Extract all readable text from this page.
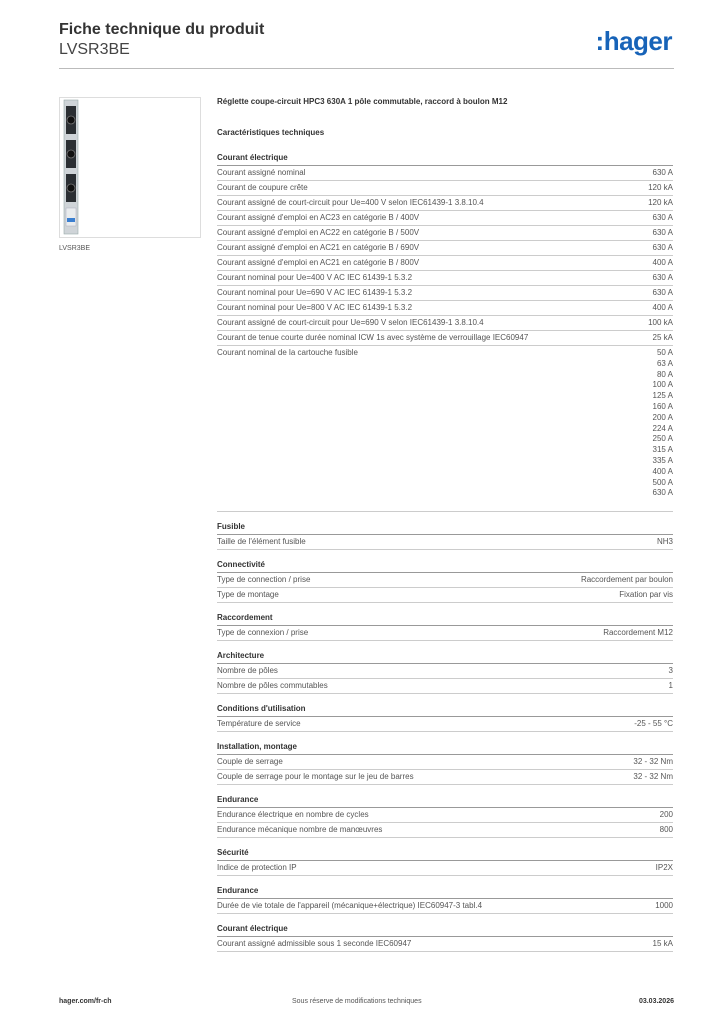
Fiche technique du produit
LVSR3BE	:hager
LVSR3BE
Réglette coupe-circuit HPC3 630A 1 pôle commutable, raccord à boulon M12
Caractéristiques techniques
Courant électrique
Courant assigné nominal	630 A
Courant de coupure crête	120 kA
Courant assigné de court-circuit pour Ue=400 V selon IEC61439-1 3.8.10.4	120 kA
Courant assigné d'emploi en AC23 en catégorie B / 400V	630 A
Courant assigné d'emploi en AC22 en catégorie B / 500V	630 A
Courant assigné d'emploi en AC21 en catégorie B / 690V	630 A
Courant assigné d'emploi en AC21 en catégorie B / 800V	400 A
Courant nominal pour Ue=400 V AC IEC 61439-1 5.3.2	630 A
Courant nominal pour Ue=690 V AC IEC 61439-1 5.3.2	630 A
Courant nominal pour Ue=800 V AC IEC 61439-1 5.3.2	400 A
Courant assigné de court-circuit pour Ue=690 V selon IEC61439-1 3.8.10.4	100 kA
Courant de tenue courte durée nominal ICW 1s avec système de verrouillage IEC60947	25 kA
Courant nominal de la cartouche fusible	50 A
63 A
80 A
100 A
125 A
160 A
200 A
224 A
250 A
315 A
335 A
400 A
500 A
630 A
Fusible
Taille de l'élément fusible	NH3
Connectivité
Type de connection / prise	Raccordement par boulon
Type de montage	Fixation par vis
Raccordement
Type de connexion / prise	Raccordement M12
Architecture
Nombre de pôles	3
Nombre de pôles commutables	1
Conditions d'utilisation
Température de service	-25 - 55 °C
Installation, montage
Couple de serrage	32 - 32 Nm
Couple de serrage pour le montage sur le jeu de barres	32 - 32 Nm
Endurance
Endurance électrique en nombre de cycles	200
Endurance mécanique nombre de manœuvres	800
Sécurité
Indice de protection IP	IP2X
Endurance
Durée de vie totale de l'appareil (mécanique+électrique) IEC60947-3 tabl.4	1000
Courant électrique
Courant assigné admissible sous 1 seconde IEC60947	15 kA
hager.com/fr-ch	Sous réserve de modifications techniques	03.03.2026
